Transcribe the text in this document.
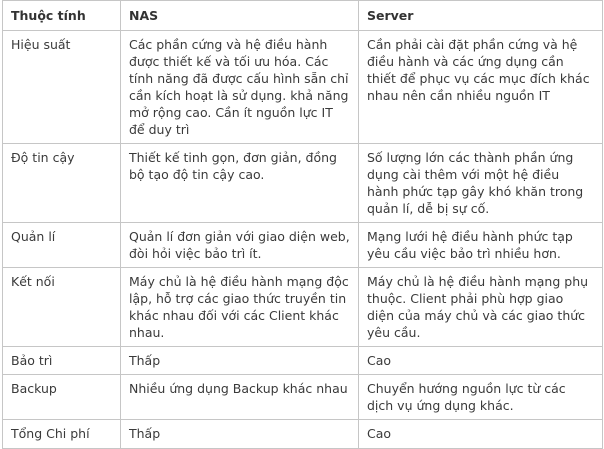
Thuộc tính	NAS	Server
Hiệu suất	Các phần cứng và hệ điều hành được thiết kế và tối ưu hóa. Các tính năng đã được cấu hình sẵn chỉ cần kích hoạt là sử dụng. khả năng mở rộng cao. Cần ít nguồn lực IT để duy trì	Cần phải cài đặt phần cứng và hệ điều hành và các ứng dụng cần thiết để phục vụ các mục đích khác nhau nên cần nhiều nguồn IT
Độ tin cậy	Thiết kế tinh gọn, đơn giản, đồng bộ tạo độ tin cậy cao.	Số lượng lớn các thành phần ứng dụng cài thêm với một hệ điều hành phức tạp gây khó khăn trong quản lí, dễ bị sự cố.
Quản lí	Quản lí đơn giản với giao diện web, đòi hỏi việc bảo trì ít.	Mạng lưới hệ điều hành phức tạp yêu cầu việc bảo trì nhiều hơn.
Kết nối	Máy chủ là hệ điều hành mạng độc lập, hỗ trợ các giao thức truyền tin khác nhau đối với các Client khác nhau.	Máy chủ là hệ điều hành mạng phụ thuộc. Client phải phù hợp giao diện của máy chủ và các giao thức yêu cầu.
Bảo trì	Thấp	Cao
Backup	Nhiều ứng dụng Backup khác nhau	Chuyển hướng nguồn lực từ các dịch vụ ứng dụng khác.
Tổng Chi phí	Thấp	Cao
